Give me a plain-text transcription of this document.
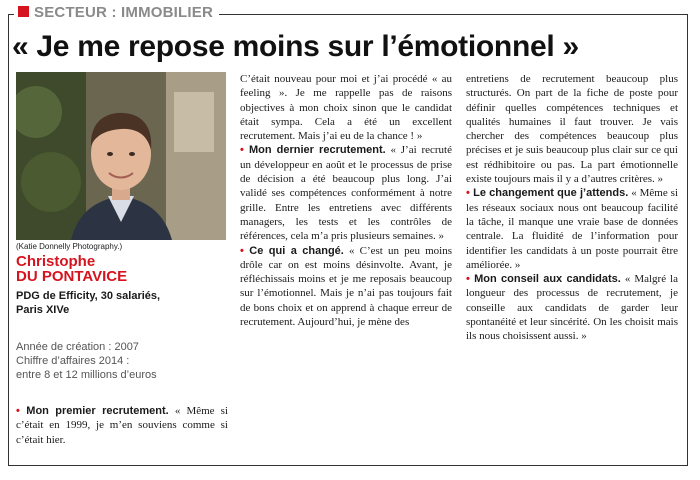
SECTEUR : IMMOBILIER
« Je me repose moins sur l’émotionnel »
(Katie Donnelly Photography.)
Christophe
DU PONTAVICE
PDG de Efficity, 30 salariés,
Paris XIVe
Année de création : 2007
Chiffre d’affaires 2014 :
entre 8 et 12 millions d’euros
• Mon premier recrutement. « Même si c’était en 1999, je m’en souviens comme si c’était hier.

C’était nouveau pour moi et j’ai procédé « au feeling ». Je me rappelle pas de raisons objectives à mon choix sinon que le candidat était sympa. Cela a été un excellent recrutement. Mais j’ai eu de la chance ! »

• Mon dernier recrutement. « J’ai recruté un développeur en août et le processus de prise de décision a été beaucoup plus long. J’ai validé ses compétences conformément à notre grille. Entre les entretiens avec différents managers, les tests et les contrôles de références, cela m’a pris plusieurs semaines. »

• Ce qui a changé. « C’est un peu moins drôle car on est moins désinvolte. Avant, je réfléchissais moins et je me reposais beaucoup sur l’émotionnel. Mais je n’ai pas toujours fait de bons choix et on apprend à chaque erreur de recrutement. Aujourd’hui, je mène des

entretiens de recrutement beaucoup plus structurés. On part de la fiche de poste pour définir quelles compétences techniques et qualités humaines il faut trouver. Je vais chercher des compétences beaucoup plus précises et je suis beaucoup plus clair sur ce qui est rédhibitoire ou pas. La part émotionnelle existe toujours mais il y a d’autres critères. »

• Le changement que j’attends. « Même si les réseaux sociaux nous ont beaucoup facilité la tâche, il manque une vraie base de données centrale. La fluidité de l’information pour identifier les candidats à un poste pourrait être améliorée. »

• Mon conseil aux candidats. « Malgré la longueur des processus de recrutement, je conseille aux candidats de garder leur spontanéité et leur sincérité. On les choisit mais ils nous choisissent aussi. »
